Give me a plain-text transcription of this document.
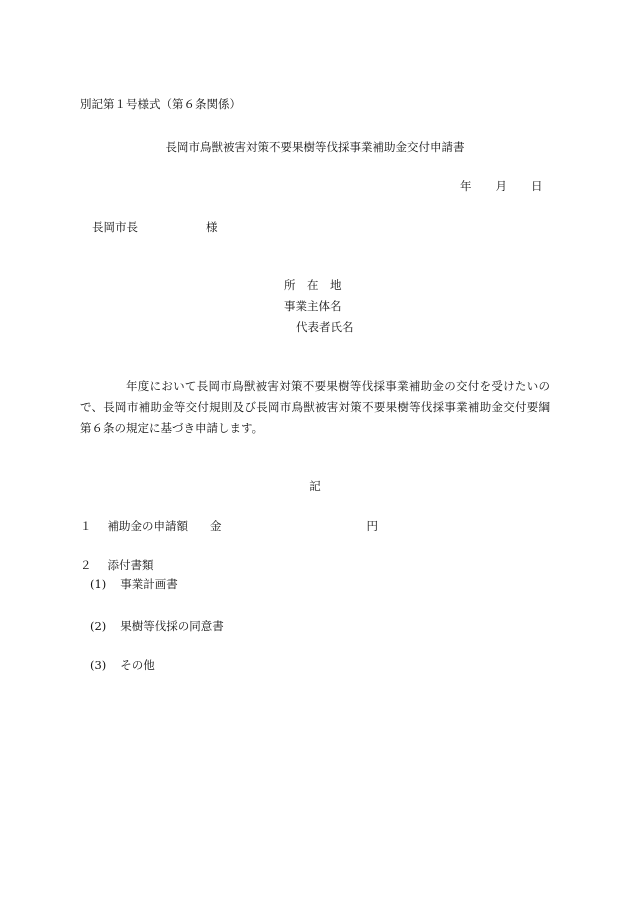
別記第１号様式（第６条関係）
長岡市鳥獣被害対策不要果樹等伐採事業補助金交付申請書
年 月 日
長岡市長	様
所　在　地
事業主体名
代表者氏名
年度において長岡市鳥獣被害対策不要果樹等伐採事業補助金の交付を受けたいので、長岡市補助金等交付規則及び長岡市鳥獣被害対策不要果樹等伐採事業補助金交付要綱第６条の規定に基づき申請します。
記
１ 補助金の申請額 金	円
２ 添付書類
(1) 事業計画書
(2) 果樹等伐採の同意書
(3) その他
